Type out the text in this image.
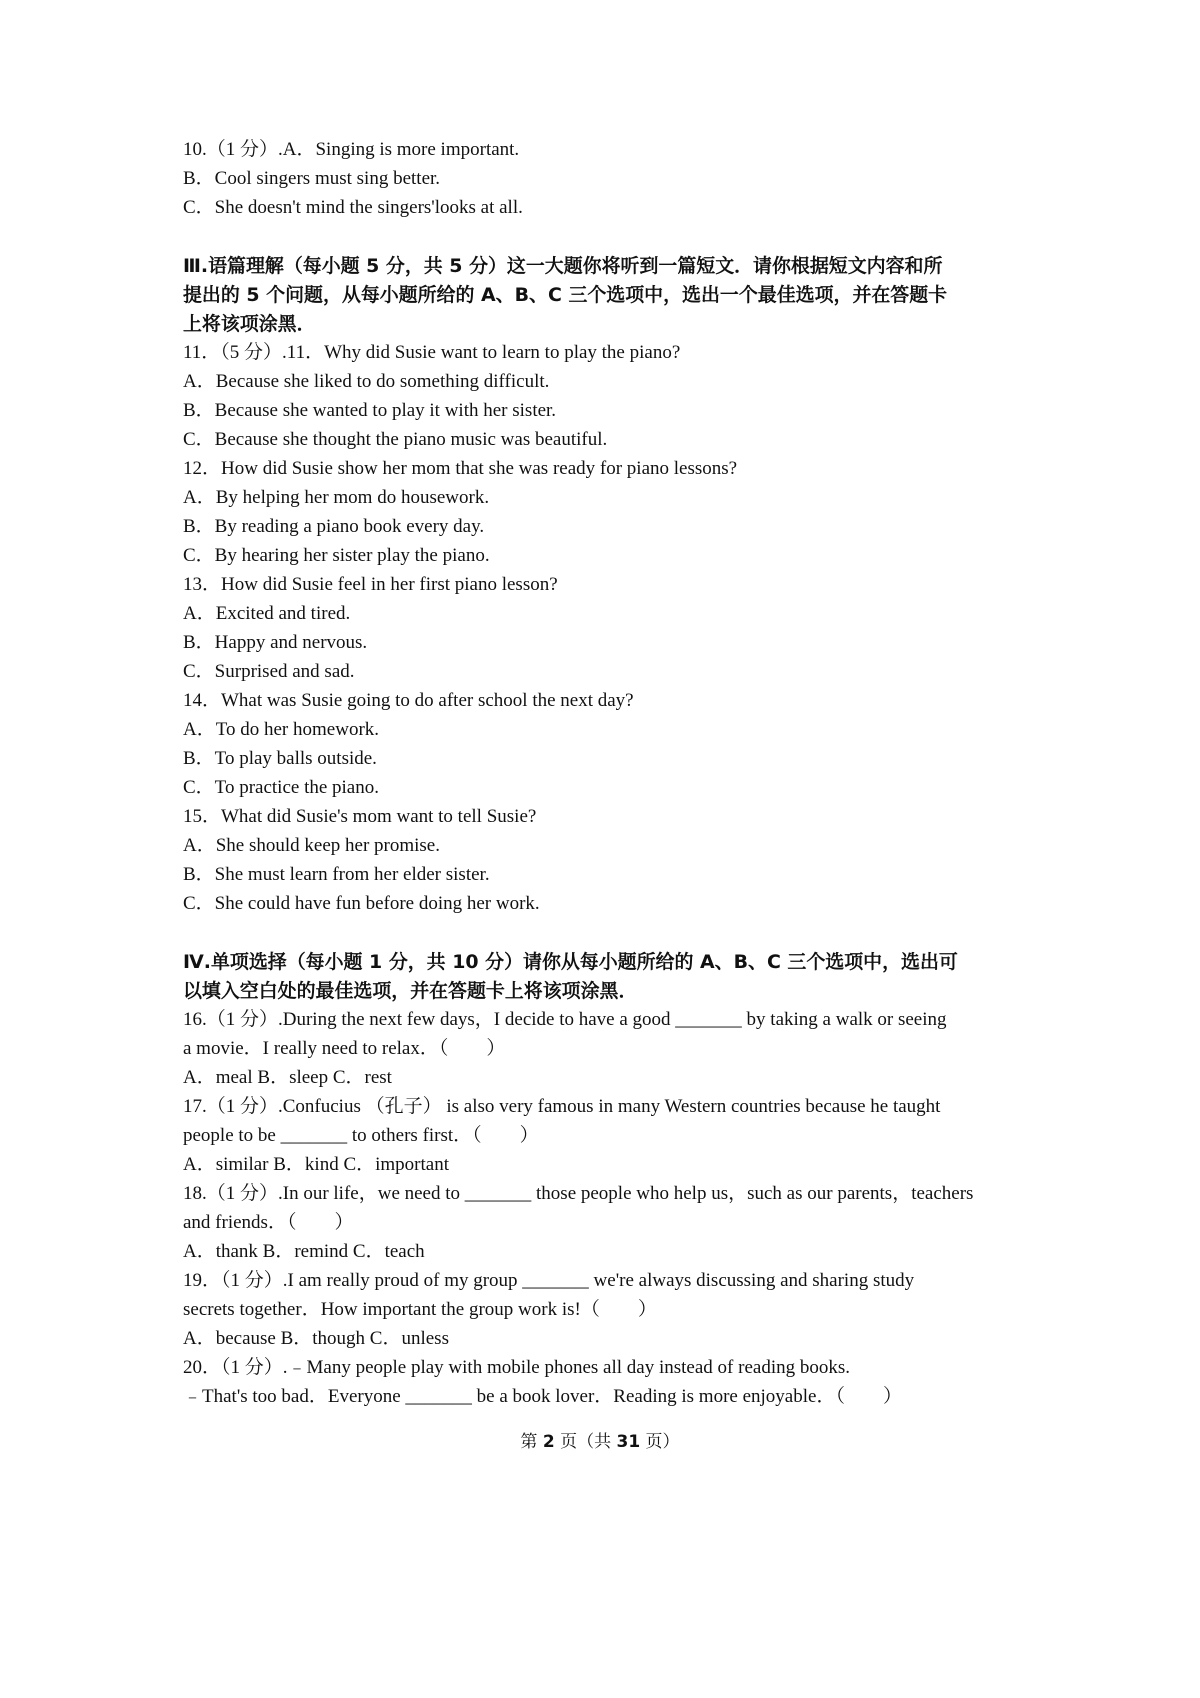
10.（1 分）.A．Singing is more important.
B．Cool singers must sing better.
C．She doesn't mind the singers'looks at all.
Ⅲ.语篇理解（每小题 5 分，共 5 分）这一大题你将听到一篇短文．请你根据短文内容和所
提出的 5 个问题，从每小题所给的 A、B、C 三个选项中，选出一个最佳选项，并在答题卡
上将该项涂黑．
11．（5 分）.11．Why did Susie want to learn to play the piano?
A．Because she liked to do something difficult.
B．Because she wanted to play it with her sister.
C．Because she thought the piano music was beautiful.
12．How did Susie show her mom that she was ready for piano lessons?
A．By helping her mom do housework.
B．By reading a piano book every day.
C．By hearing her sister play the piano.
13．How did Susie feel in her first piano lesson?
A．Excited and tired.
B．Happy and nervous.
C．Surprised and sad.
14．What was Susie going to do after school the next day?
A．To do her homework.
B．To play balls outside.
C．To practice the piano.
15．What did Susie's mom want to tell Susie?
A．She should keep her promise.
B．She must learn from her elder sister.
C．She could have fun before doing her work.
Ⅳ.单项选择（每小题 1 分，共 10 分）请你从每小题所给的 A、B、C 三个选项中，选出可
以填入空白处的最佳选项，并在答题卡上将该项涂黑．
16.（1 分）.During the next few days，I decide to have a good _______ by taking a walk or seeing
a movie．I really need to relax．（　　）
A．meal B．sleep C．rest
17.（1 分）.Confucius （孔子） is also very famous in many Western countries because he taught
people to be _______ to others first．（　　）
A．similar B．kind C．important
18.（1 分）.In our life，we need to _______ those people who help us，such as our parents，teachers
and friends．（　　）
A．thank B．remind C．teach
19．（1 分）.I am really proud of my group _______ we're always discussing and sharing study
secrets together．How important the group work is!（　　）
A．because B．though C．unless
20．（1 分）.﹣Many people play with mobile phones all day instead of reading books.
﹣That's too bad．Everyone _______ be a book lover．Reading is more enjoyable．（　　）
第 2 页（共 31 页）
